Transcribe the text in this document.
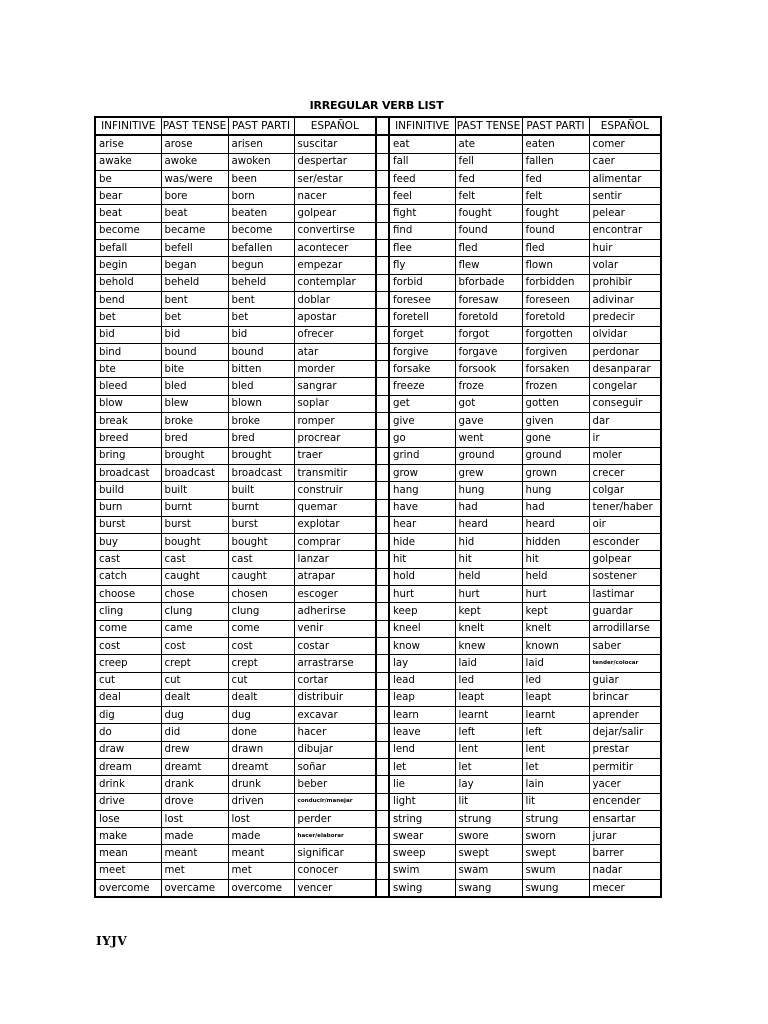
IRREGULAR VERB LIST
INFINITIVE	PAST TENSE	PAST PARTI	ESPAÑOL		INFINITIVE	PAST TENSE	PAST PARTI	ESPAÑOL
arise	arose	arisen	suscitar		eat	ate	eaten	comer
awake	awoke	awoken	despertar		fall	fell	fallen	caer
be	was/were	been	ser/estar		feed	fed	fed	alimentar
bear	bore	born	nacer		feel	felt	felt	sentir
beat	beat	beaten	golpear		fight	fought	fought	pelear
become	became	become	convertirse		find	found	found	encontrar
befall	befell	befallen	acontecer		flee	fled	fled	huir
begin	began	begun	empezar		fly	flew	flown	volar
behold	beheld	beheld	contemplar		forbid	bforbade	forbidden	prohibir
bend	bent	bent	doblar		foresee	foresaw	foreseen	adivinar
bet	bet	bet	apostar		foretell	foretold	foretold	predecir
bid	bid	bid	ofrecer		forget	forgot	forgotten	olvidar
bind	bound	bound	atar		forgive	forgave	forgiven	perdonar
bte	bite	bitten	morder		forsake	forsook	forsaken	desanparar
bleed	bled	bled	sangrar		freeze	froze	frozen	congelar
blow	blew	blown	soplar		get	got	gotten	conseguir
break	broke	broke	romper		give	gave	given	dar
breed	bred	bred	procrear		go	went	gone	ir
bring	brought	brought	traer		grind	ground	ground	moler
broadcast	broadcast	broadcast	transmitir		grow	grew	grown	crecer
build	built	built	construir		hang	hung	hung	colgar
burn	burnt	burnt	quemar		have	had	had	tener/haber
burst	burst	burst	explotar		hear	heard	heard	oir
buy	bought	bought	comprar		hide	hid	hidden	esconder
cast	cast	cast	lanzar		hit	hit	hit	golpear
catch	caught	caught	atrapar		hold	held	held	sostener
choose	chose	chosen	escoger		hurt	hurt	hurt	lastimar
cling	clung	clung	adherirse		keep	kept	kept	guardar
come	came	come	venir		kneel	knelt	knelt	arrodillarse
cost	cost	cost	costar		know	knew	known	saber
creep	crept	crept	arrastrarse		lay	laid	laid	tender/colocar
cut	cut	cut	cortar		lead	led	led	guiar
deal	dealt	dealt	distribuir		leap	leapt	leapt	brincar
dig	dug	dug	excavar		learn	learnt	learnt	aprender
do	did	done	hacer		leave	left	left	dejar/salir
draw	drew	drawn	dibujar		lend	lent	lent	prestar
dream	dreamt	dreamt	soñar		let	let	let	permitir
drink	drank	drunk	beber		lie	lay	lain	yacer
drive	drove	driven	conducir/manejar		light	lit	lit	encender
lose	lost	lost	perder		string	strung	strung	ensartar
make	made	made	hacer/elaborar		swear	swore	sworn	jurar
mean	meant	meant	significar		sweep	swept	swept	barrer
meet	met	met	conocer		swim	swam	swum	nadar
overcome	overcame	overcome	vencer		swing	swang	swung	mecer
IYJV
